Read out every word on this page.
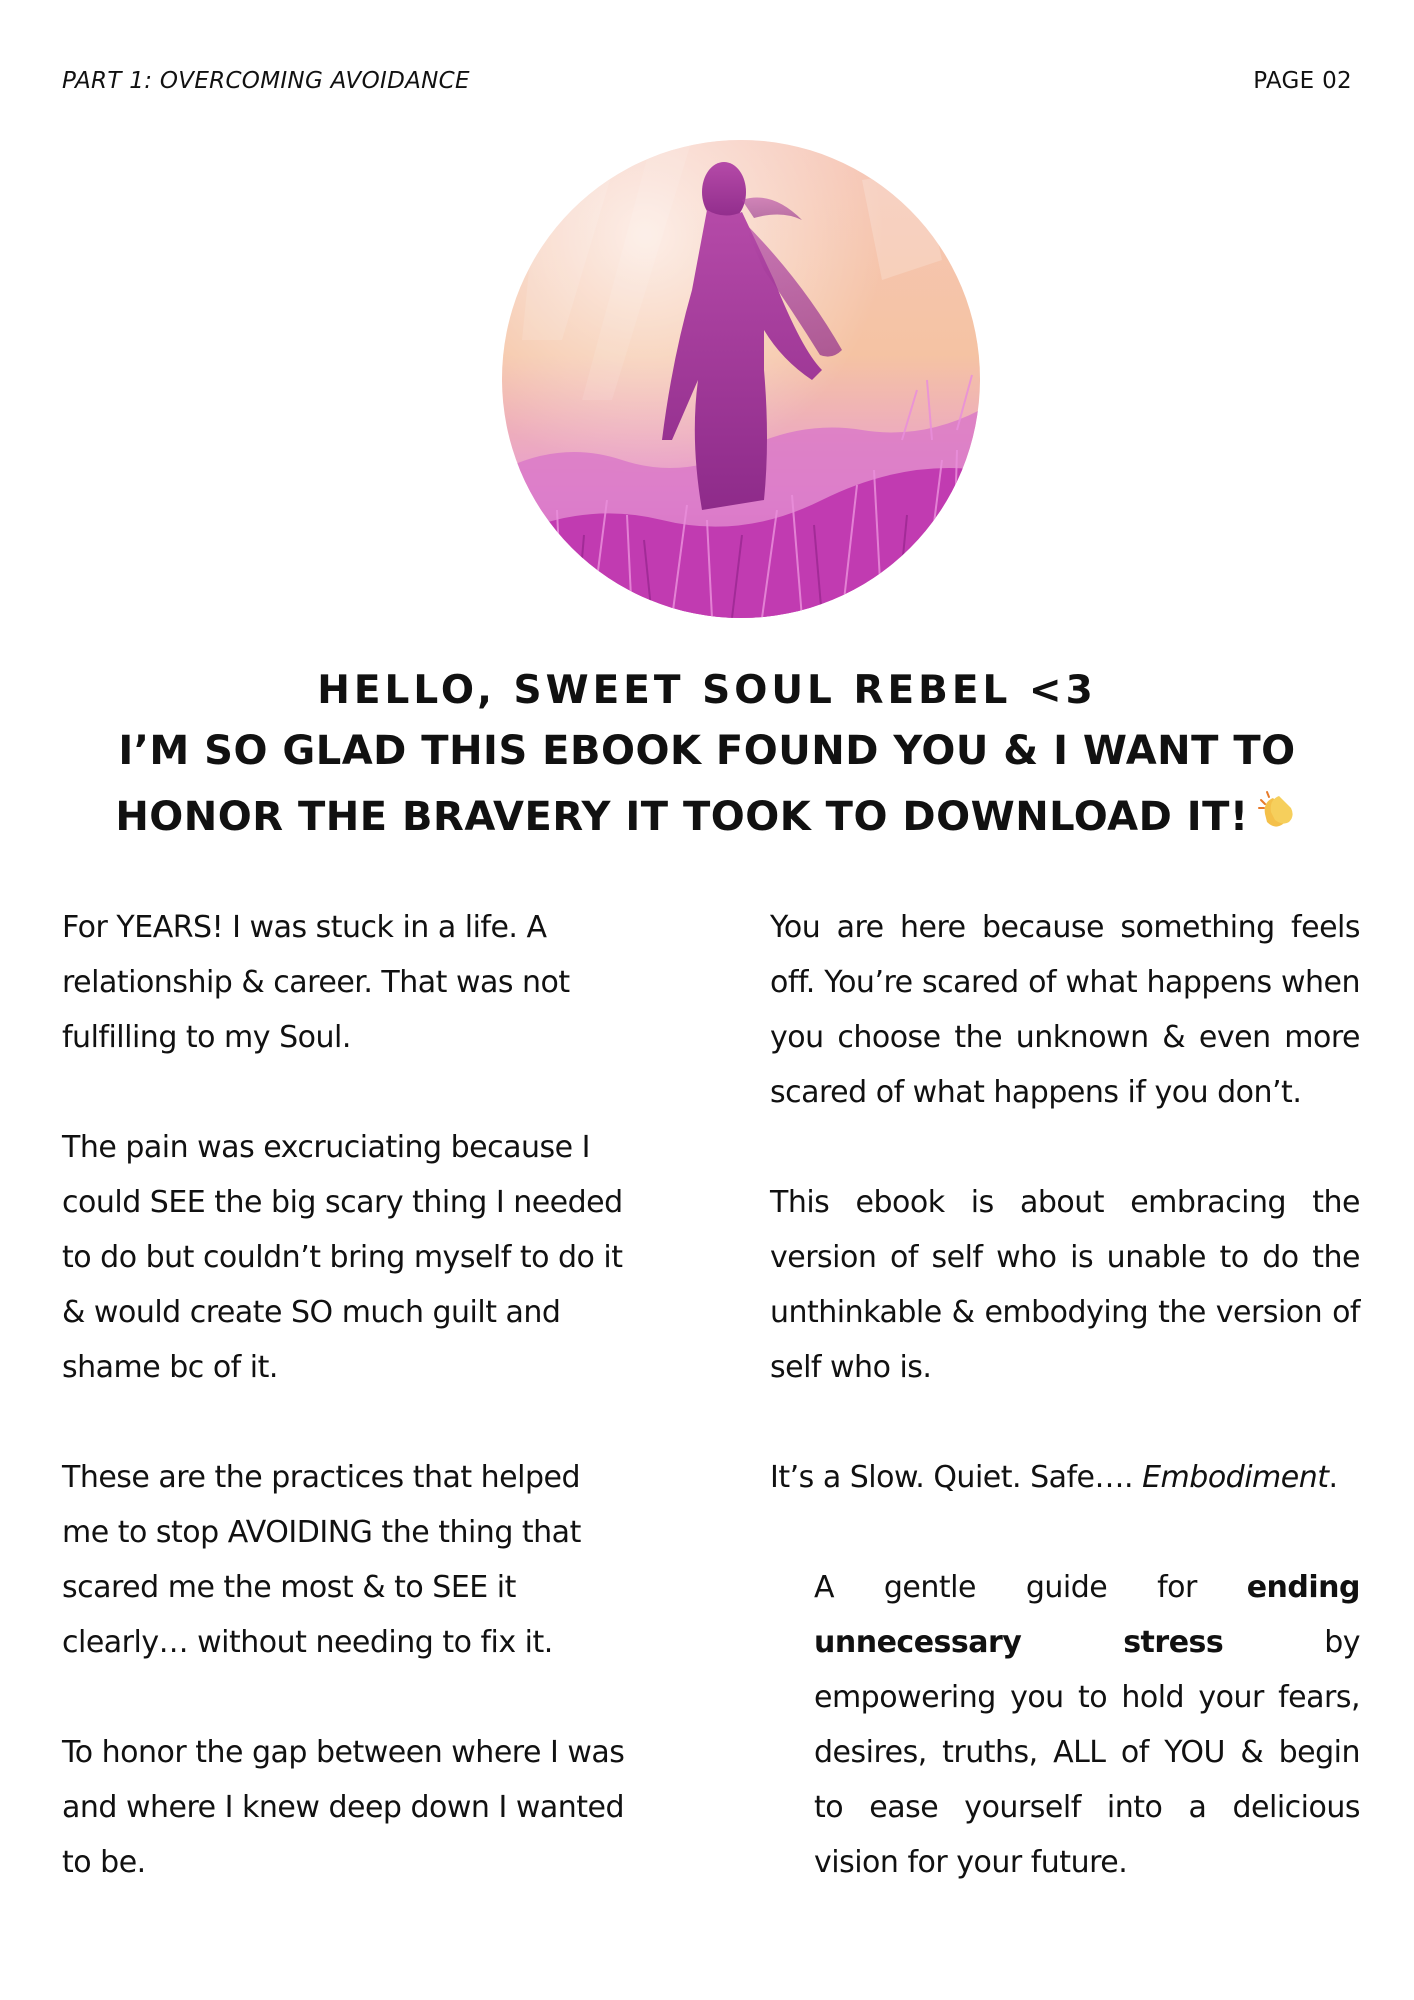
PART 1: OVERCOMING AVOIDANCE	PAGE 02
HELLO, SWEET SOUL REBEL <3
I’M SO GLAD THIS EBOOK FOUND YOU & I WANT TO
HONOR THE BRAVERY IT TOOK TO DOWNLOAD IT!

For YEARS! I was stuck in a life. A relationship & career. That was not fulfilling to my Soul.

The pain was excruciating because I could SEE the big scary thing I needed to do but couldn’t bring myself to do it & would create SO much guilt and shame bc of it.

These are the practices that helped me to stop AVOIDING the thing that scared me the most & to SEE it clearly… without needing to fix it.

To honor the gap between where I was and where I knew deep down I wanted to be.

You are here because something feels off. You’re scared of what happens when you choose the unknown & even more scared of what happens if you don’t.

This ebook is about embracing the version of self who is unable to do the unthinkable & embodying the version of self who is.

It’s a Slow. Quiet. Safe…. Embodiment.

A gentle guide for ending unnecessary stress by empowering you to hold your fears, desires, truths, ALL of YOU & begin to ease yourself into a delicious vision for your future.
